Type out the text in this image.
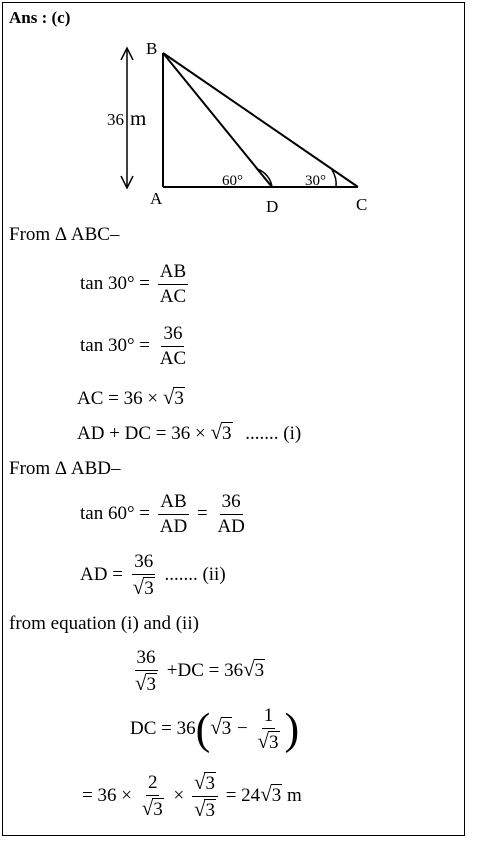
Ans : (c)
B
A	D	C
36 m
60°	30°
From Δ ABC–
$\tan 30^\circ = \frac{AB}{AC}$
$\tan 30^\circ = \frac{36}{AC}$
AC = 36 × √3
AD + DC = 36 × √3 ....... (i)
From Δ ABD–
$\tan 60^\circ = \frac{AB}{AD} = \frac{36}{AD}$
AD = $\frac{36}{√3}$ ....... (ii)
from equation (i) and (ii)
$\frac{36}{√3} +DC = 36√3$
DC = $36(√3 - \frac{1}{√3}$ )
= $36 \times \frac{2}{√3} \times \frac{√3}{√3} = 24√3$ m
